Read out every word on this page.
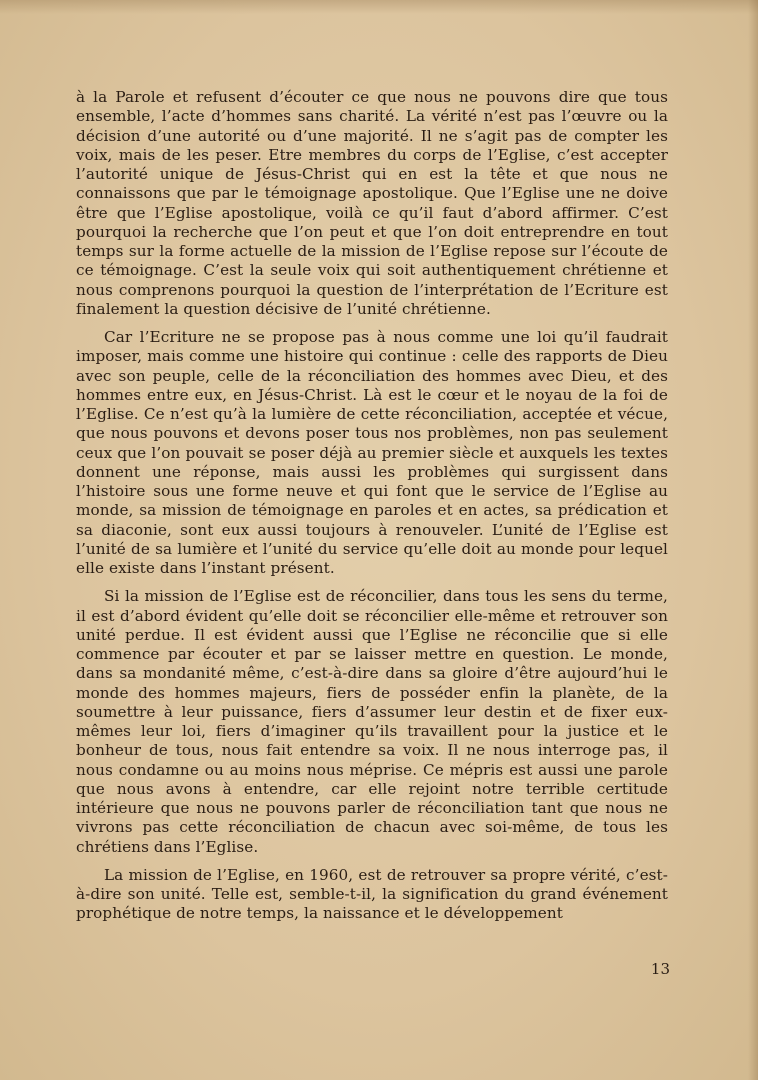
à la Parole et refusent d’écouter ce que nous ne pouvons dire que tous ensemble, l’acte d’hommes sans charité. La vérité n’est pas l’œuvre ou la décision d’une autorité ou d’une majorité. Il ne s’agit pas de compter les voix, mais de les peser. Etre membres du corps de l’Eglise, c’est accepter l’autorité unique de Jésus-Christ qui en est la tête et que nous ne connaissons que par le témoignage apostolique. Que l’Eglise une ne doive être que l’Eglise apostolique, voilà ce qu’il faut d’abord affirmer. C’est pourquoi la recherche que l’on peut et que l’on doit entreprendre en tout temps sur la forme actuelle de la mission de l’Eglise repose sur l’écoute de ce témoignage. C’est la seule voix qui soit authentiquement chrétienne et nous comprenons pourquoi la question de l’interprétation de l’Ecriture est finalement la question décisive de l’unité chrétienne.

Car l’Ecriture ne se propose pas à nous comme une loi qu’il faudrait imposer, mais comme une histoire qui continue : celle des rapports de Dieu avec son peuple, celle de la réconciliation des hommes avec Dieu, et des hommes entre eux, en Jésus-Christ. Là est le cœur et le noyau de la foi de l’Eglise. Ce n’est qu’à la lumière de cette réconciliation, acceptée et vécue, que nous pouvons et devons poser tous nos problèmes, non pas seulement ceux que l’on pouvait se poser déjà au premier siècle et auxquels les textes donnent une réponse, mais aussi les problèmes qui surgissent dans l’histoire sous une forme neuve et qui font que le service de l’Eglise au monde, sa mission de témoignage en paroles et en actes, sa prédication et sa diaconie, sont eux aussi toujours à renouveler. L’unité de l’Eglise est l’unité de sa lumière et l’unité du service qu’elle doit au monde pour lequel elle existe dans l’instant présent.

Si la mission de l’Eglise est de réconcilier, dans tous les sens du terme, il est d’abord évident qu’elle doit se réconcilier elle-même et retrouver son unité perdue. Il est évident aussi que l’Eglise ne réconcilie que si elle commence par écouter et par se laisser mettre en question. Le monde, dans sa mondanité même, c’est-à-dire dans sa gloire d’être aujourd’hui le monde des hommes majeurs, fiers de posséder enfin la planète, de la soumettre à leur puissance, fiers d’assumer leur destin et de fixer eux-mêmes leur loi, fiers d’imaginer qu’ils travaillent pour la justice et le bonheur de tous, nous fait entendre sa voix. Il ne nous interroge pas, il nous condamne ou au moins nous méprise. Ce mépris est aussi une parole que nous avons à entendre, car elle rejoint notre terrible certitude intérieure que nous ne pouvons parler de réconciliation tant que nous ne vivrons pas cette réconciliation de chacun avec soi-même, de tous les chrétiens dans l’Eglise.

La mission de l’Eglise, en 1960, est de retrouver sa propre vérité, c’est-à-dire son unité. Telle est, semble-t-il, la signification du grand événement prophétique de notre temps, la naissance et le développement

13
